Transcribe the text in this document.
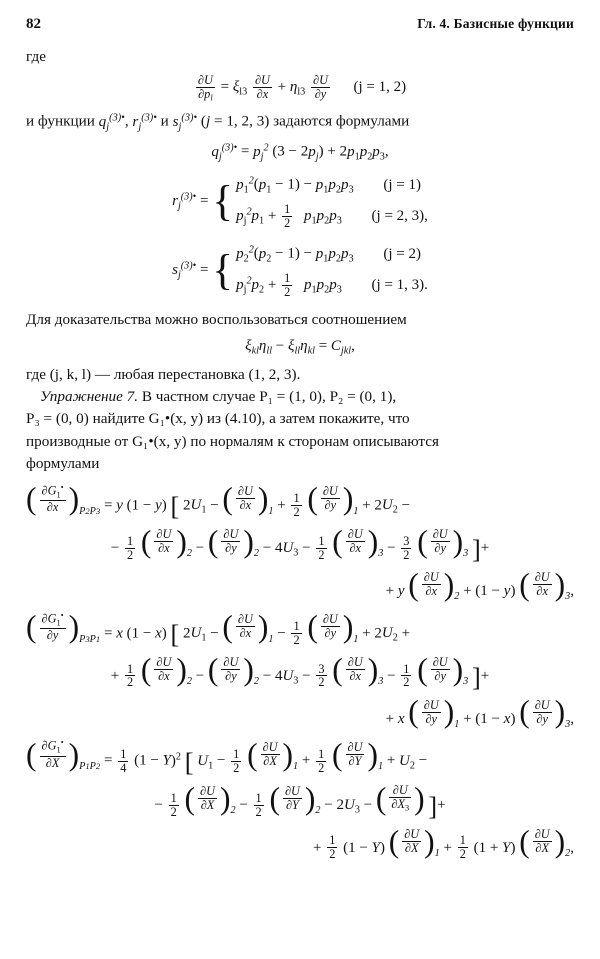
82	Гл. 4. Базисные функции

где

$\frac{\partial U}{\partial p_l} = \xi_{l3} \frac{\partial U}{\partial x} + \eta_{l3} \frac{\partial U}{\partial y} (j = 1$, 2)

и функции $q_j^{(3)•}$, $r_j^{(3)•}$ и $s_j^{(3)•}$ (j = 1, 2, 3) задаются формулами

$q_j^{(3)•} = p_j^2$ $(3 - 2p_j) + 2p_1p_2p_3$,
$r_j^{(3)•}$ = { $p_1^2(p_1 - 1) - p_1p_2p_3$ (j = 1)
$p_j^2p_1 + \frac{1}{2} p_1p_2p_3$ (j = 2, 3),
$s_j^{(3)•}$ = { $p_2^2(p_2 - 1) - p_1p_2p_3$ (j = 2)
$p_j^2p_2 + \frac{1}{2} p_1p_2p_3$ (j = 1, 3).

Для доказательства можно воспользоваться соотношением

$\xi_{kl}\eta_{ll} - \xi_{ll}\eta_{kl} = C_{jkl}$,

где (j, k, l) — любая перестановка (1, 2, 3).

Упражнение 7. В частном случае P₁ = (1, 0), P₂ = (0, 1),

P₃ = (0, 0) найдите G₁•(x, y) из (4.10), а затем покажите, что

производные от G₁•(x, y) по нормалям к сторонам описываются

формулами

( $\frac{\partial G_1^•}{\partial x}$ ) P2P3 = y (1 − y) [ $2U_1$ − ( $\frac{\partial U}{\partial x}$ ) $1 + \frac{1}{2}$
( $\frac{\partial U}{\partial y}$ ) $1 + 2U_2$ −
− $\frac{1}{2}$
( $\frac{\partial U}{\partial x}$ ) 2 − ( $\frac{\partial U}{\partial y}$ ) $2 - 4U_3 - \frac{1}{2}$
( $\frac{\partial U}{\partial x}$ ) $3 - \frac{3}{2}$
( $\frac{\partial U}{\partial y}$ ) 3 ]+
+ y ( $\frac{\partial U}{\partial x}$ ) 2 + (1 − y) ( $\frac{\partial U}{\partial x}$ ) 3,
( $\frac{\partial G_1^•}{\partial y}$ ) P3P1 = x (1 − x) [ $2U_1$ − ( $\frac{\partial U}{\partial x}$ ) $1 - \frac{1}{2}$
( $\frac{\partial U}{\partial y}$ ) $1 + 2U_2$ +
+ $\frac{1}{2}$
( $\frac{\partial U}{\partial x}$ ) 2 − ( $\frac{\partial U}{\partial y}$ ) $2 - 4U_3 - \frac{3}{2}$
( $\frac{\partial U}{\partial x}$ ) $3 - \frac{1}{2}$
( $\frac{\partial U}{\partial y}$ ) 3 ]+
+ x ( $\frac{\partial U}{\partial y}$ ) 1 + (1 − x) ( $\frac{\partial U}{\partial y}$ ) 3,
( $\frac{\partial G_1^•}{\partial X}$ ) $P1P2 = \frac{1}{4} (1 - Y)^2$ [ $U_1 - \frac{1}{2}$
( $\frac{\partial U}{\partial X}$ ) $1 + \frac{1}{2}$
( $\frac{\partial U}{\partial Y}$ ) $1 + U_2$ −
− $\frac{1}{2}$
( $\frac{\partial U}{\partial X}$ ) $2 - \frac{1}{2}$
( $\frac{\partial U}{\partial Y}$ ) $2 - 2U_3$ − ( $\frac{\partial U}{\partial X_3}$ ) ]+
+ $\frac{1}{2} (1 - Y)$ ( $\frac{\partial U}{\partial X}$ ) $1 + \frac{1}{2} (1 + Y)$ ( $\frac{\partial U}{\partial X}$ ) 2,
